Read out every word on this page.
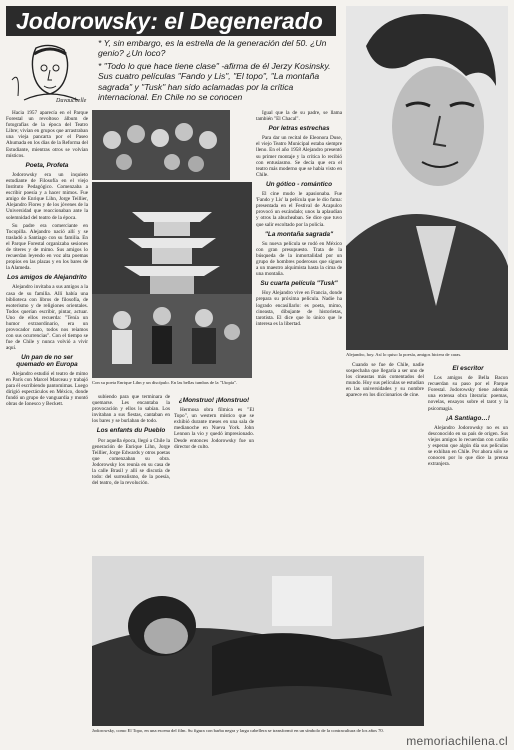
Jodorowsky: el Degenerado
Duvauchelle

* Y, sin embargo, es la estrella de la generación del 50. ¿Un genio? ¿Un loco?

* "Todo lo que hace tiene clase" -afirma de él Jerzy Kosinsky. Sus cuatro películas "Fando y Lis", "El topo", "La montaña sagrada" y "Tusk" han sido aclamadas por la crítica internacional. En Chile no se conocen

Hacia 1957 aparecía en el Parque Forestal un revoltoso álbum de fotografías de la época del Teatro Libre; vivían en grupos que arrastraban una vieja pancarta por el Paseo Ahumada en los días de la Reforma del Estudiante, mientras otros se volvían místicos.

Poeta, Profeta

Jodorowsky era un inquieto estudiante de Filosofía en el viejo Instituto Pedagógico. Comenzaba a escribir poesía y a hacer mimos. Fue amigo de Enrique Lihn, Jorge Teillier, Alejandro Flores y de los jóvenes de la Universidad que reaccionaban ante la solemnidad del teatro de la época.

Su padre era comerciante en Tocopilla. Alejandro nació allí y se trasladó a Santiago con su familia. En el Parque Forestal organizaba sesiones de títeres y de mimo. Sus amigos lo recuerdan leyendo en voz alta poemas propios en las plazas y en los bares de la Alameda.

Los amigos de Alejandrito

Alejandro invitaba a sus amigos a la casa de su familia. Allí había una biblioteca con libros de filosofía, de esoterismo y de religiones orientales. Todos querían escribir, pintar, actuar. Uno de ellos recuerda: "Tenía un humor extraordinario, era un provocador nato, todos nos reíamos con sus ocurrencias". Con el tiempo se fue de Chile y nunca volvió a vivir aquí.

Un pan de no ser quemado en Europa

Alejandro estudió el teatro de mimo en París con Marcel Marceau y trabajó para él escribiendo pantomimas. Luego dirigió espectáculos en México, donde fundó un grupo de vanguardia y montó obras de Ionesco y Beckett.

Con su poeta Enrique Lihn y un discípulo. En las bellas tumbas de la "Utopía".

subiendo para que terminara de quemarse. Les encantaba la provocación y ellos lo sabían. Los invitaban a sus fiestas, cantaban en los bares y se burlaban de todo.

Los enfants du Pueblo

Por aquella época, llegó a Chile la generación de Enrique Lihn, Jorge Teillier, Jorge Edwards y otros poetas que comenzaban su obra. Jodorowsky los reunía en su casa de la calle Brasil y allí se discutía de todo: del surrealismo, de la poesía, del teatro, de la revolución.

¿Monstruo! ¡Monstruo!

Hermosa obra fílmica es "El Topo", un western místico que se exhibió durante meses en una sala de medianoche en Nueva York. John Lennon la vio y quedó impresionado. Desde entonces Jodorowsky fue un director de culto.

Igual que la de su padre, se llama también "El Chacal".

Por letras estrechas

Para dar un recital de Eleonora Duse, el viejo Teatro Municipal estaba siempre lleno. En el año 1958 Alejandro presentó su primer montaje y la crítica lo recibió con entusiasmo. Se decía que era el teatro más moderno que se había visto en Chile.

Un gótico - romántico

El cine mudo le apasionaba. Fue 'Fando y Lis' la película que le dio fama: presentada en el Festival de Acapulco provocó un escándalo; unos la aplaudían y otros la abucheaban. Se dice que tuvo que salir escoltado por la policía.

"La montaña sagrada"

Su nueva película se rodó en México con gran presupuesto. Trata de la búsqueda de la inmortalidad por un grupo de hombres poderosos que siguen a un maestro alquimista hasta la cima de una montaña.

Su cuarta película "Tusk"

Hoy Alejandro vive en Francia, donde prepara su próxima película. Nadie ha logrado encasillarlo: es poeta, mimo, cineasta, dibujante de historietas, tarotista. El dice que lo único que le interesa es la libertad.

Alejandro, hoy. Así lo quiso la poesía, amigos hiciera de caras.

Cuando se fue de Chile, nadie sospechaba que llegaría a ser uno de los cineastas más comentados del mundo. Hoy sus películas se estudian en las universidades y su nombre aparece en los diccionarios de cine.

El escritor

Los amigos de Bella Bacon recuerdan su paso por el Parque Forestal. Jodorowsky tiene además una extensa obra literaria: poemas, novelas, ensayos sobre el tarot y la psicomagia.

¡A Santiago…!

Alejandro Jodorowsky no es un desconocido en su país de origen. Sus viejos amigos lo recuerdan con cariño y esperan que algún día sus películas se exhiban en Chile. Por ahora sólo se conocen por lo que dice la prensa extranjera.

Jodorowsky, como El Topo, en una escena del film. Su figura con barba negra y larga cabellera se transformó en un símbolo de la contracultura de los años 70.
memoriachilena.cl
